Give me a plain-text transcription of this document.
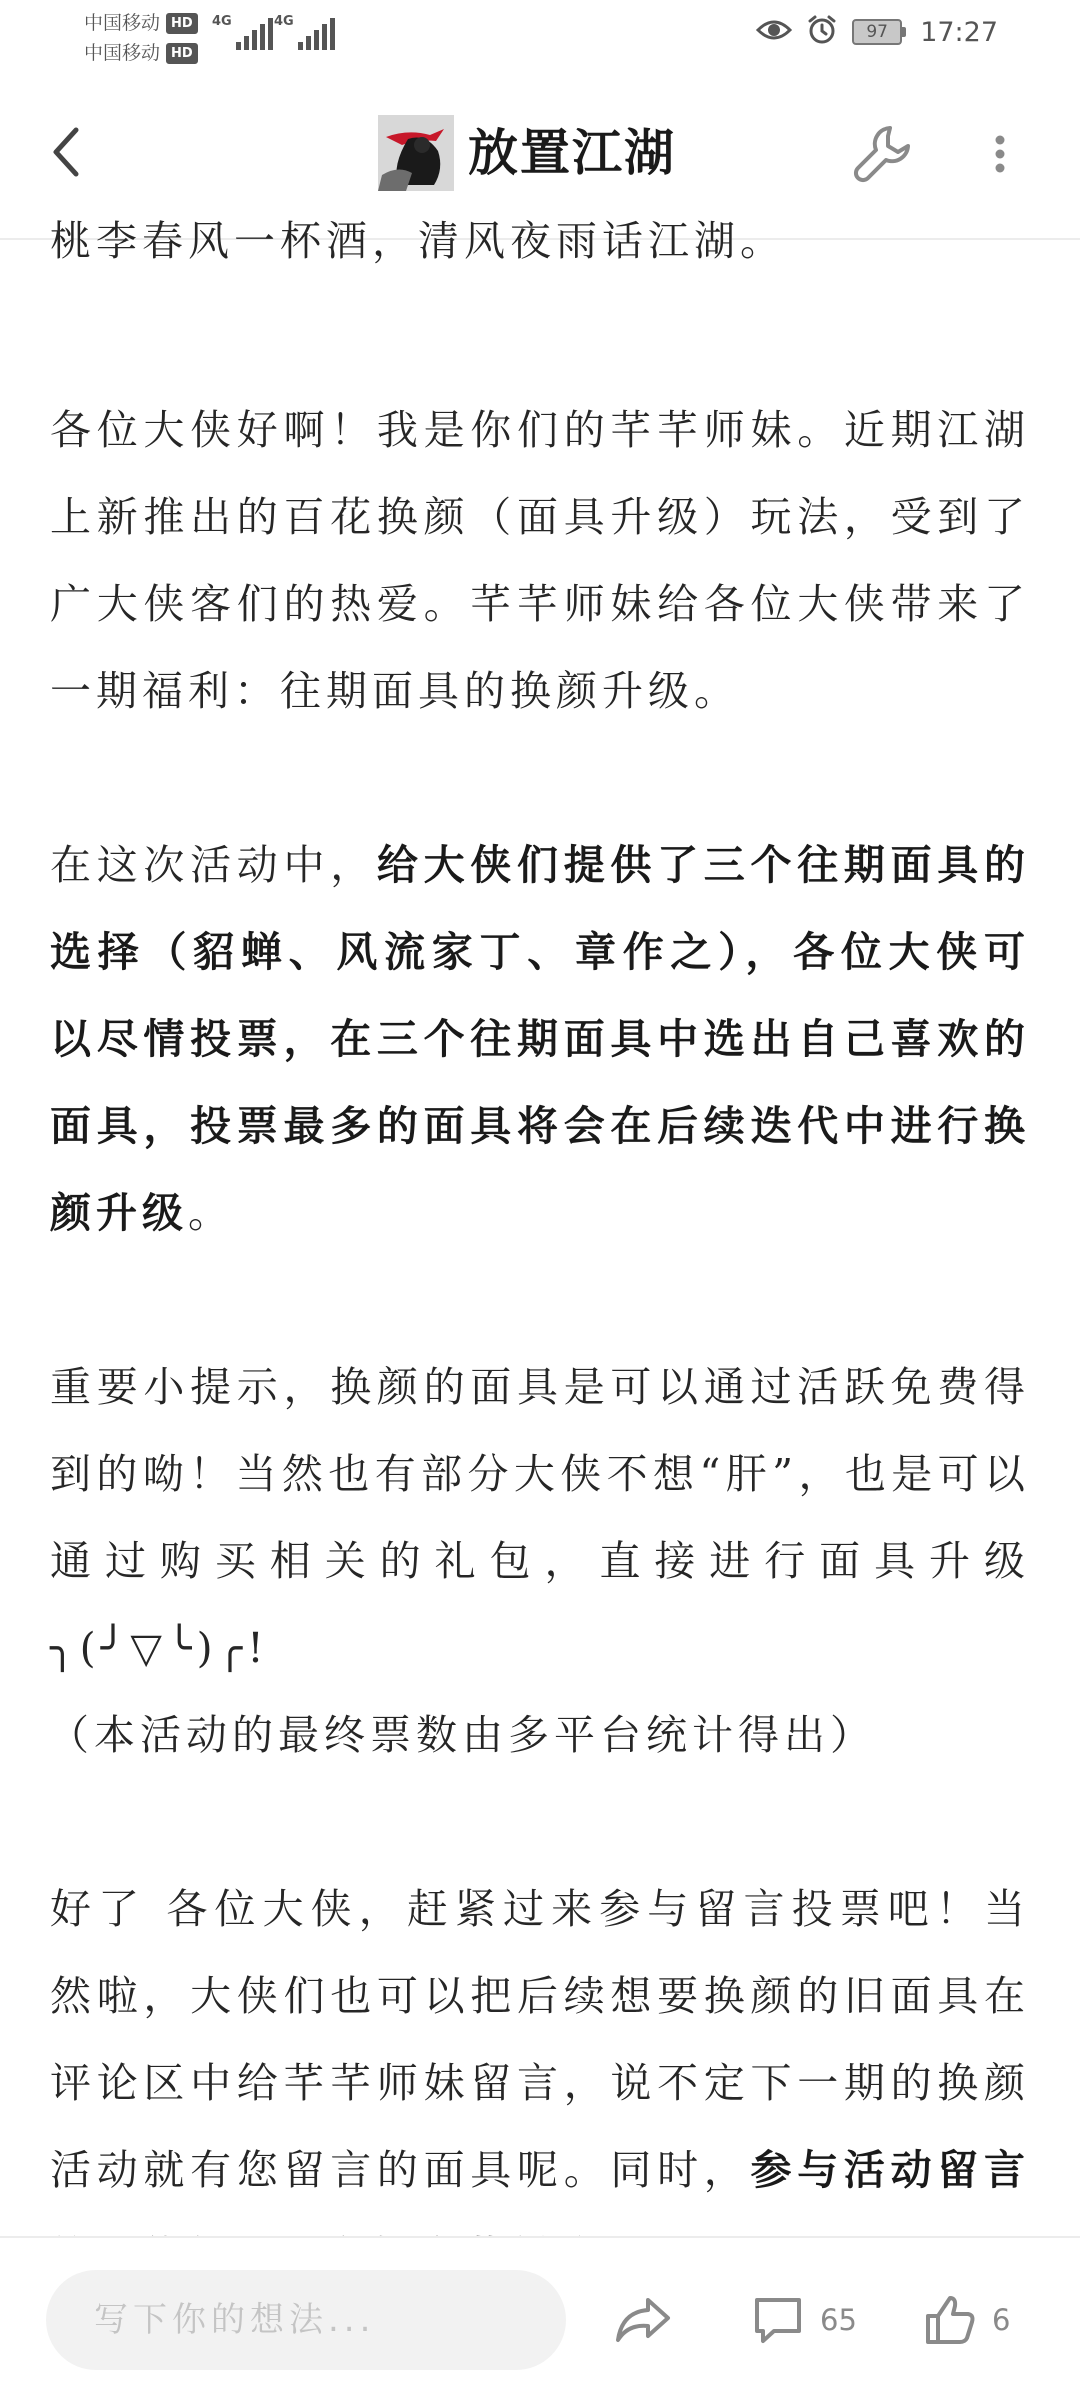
中国移动 HD
中国移动 HD
4G	4G
97	17:27
放置江湖

桃李春风一杯酒，清风夜雨话江湖。

各位大侠好啊！我是你们的芊芊师妹。近期江湖上新推出的百花换颜（面具升级）玩法，受到了广大侠客们的热爱。芊芊师妹给各位大侠带来了一期福利：往期面具的换颜升级。

在这次活动中，给大侠们提供了三个往期面具的选择（貂蝉、风流家丁、章作之），各位大侠可以尽情投票，在三个往期面具中选出自己喜欢的面具，投票最多的面具将会在后续迭代中进行换颜升级。

重要小提示，换颜的面具是可以通过活跃免费得到的呦！当然也有部分大侠不想“肝”，也是可以通过购买相关的礼包，直接进行面具升级╮(╯▽╰)╭!

（本活动的最终票数由多平台统计得出）

好了 各位大侠，赶紧过来参与留言投票吧！当然啦，大侠们也可以把后续想要换颜的旧面具在评论区中给芊芊师妹留言，说不定下一期的换颜活动就有您留言的面具呢。同时，参与活动留言

写下你的想法...
65	6
